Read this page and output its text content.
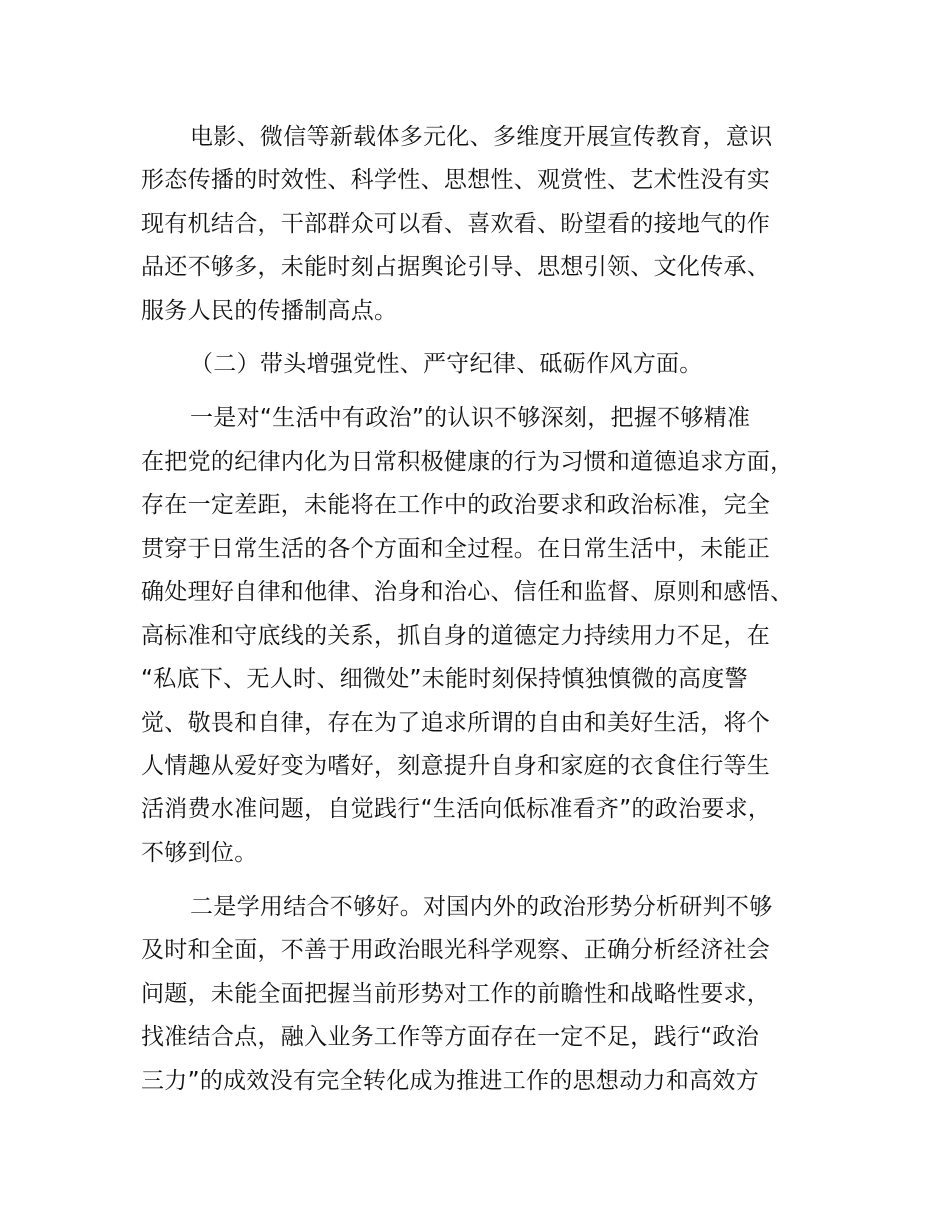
电影、微信等新载体多元化、多维度开展宣传教育，意识
形态传播的时效性、科学性、思想性、观赏性、艺术性没有实
现有机结合，干部群众可以看、喜欢看、盼望看的接地气的作
品还不够多，未能时刻占据舆论引导、思想引领、文化传承、
服务人民的传播制高点。
（二）带头增强党性、严守纪律、砥砺作风方面。
一是对“生活中有政治”的认识不够深刻，把握不够精准
在把党的纪律内化为日常积极健康的行为习惯和道德追求方面，
存在一定差距，未能将在工作中的政治要求和政治标准，完全
贯穿于日常生活的各个方面和全过程。在日常生活中，未能正
确处理好自律和他律、治身和治心、信任和监督、原则和感悟、
高标准和守底线的关系，抓自身的道德定力持续用力不足，在
“私底下、无人时、细微处”未能时刻保持慎独慎微的高度警
觉、敬畏和自律，存在为了追求所谓的自由和美好生活，将个
人情趣从爱好变为嗜好，刻意提升自身和家庭的衣食住行等生
活消费水准问题，自觉践行“生活向低标准看齐”的政治要求，
不够到位。
二是学用结合不够好。对国内外的政治形势分析研判不够
及时和全面，不善于用政治眼光科学观察、正确分析经济社会
问题，未能全面把握当前形势对工作的前瞻性和战略性要求，
找准结合点，融入业务工作等方面存在一定不足，践行“政治
三力”的成效没有完全转化成为推进工作的思想动力和高效方
